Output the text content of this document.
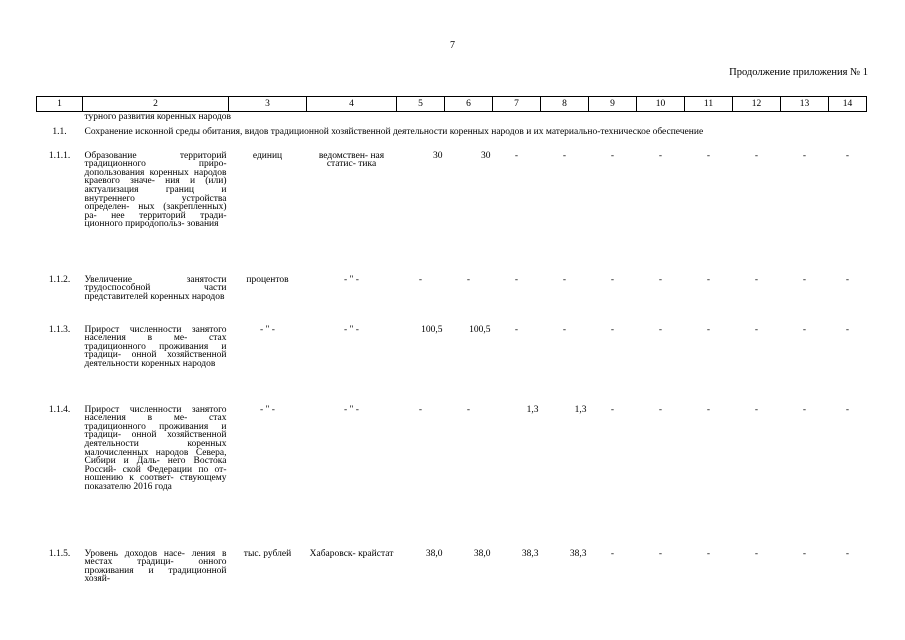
7
Продолжение приложения № 1
1	2	3	4	5	6	7	8	9	10	11	12	13	14
	турного развития коренных народов												
1.1.	Сохранение исконной среды обитания, видов традиционной хозяйственной деятельности коренных народов и их материально-техническое обеспечение												
1.1.1.	Образование территорий традиционного приро- допользования коренных народов краевого значе- ния и (или) актуализация границ и внутреннего устройства определен- ных (закрепленных) ра- нее территорий тради- ционного природопольз- зования	единиц	ведомствен- ная статис- тика	30	30	-	-	-	-	-	-	-	-
1.1.2.	Увеличение занятости трудоспособной части представителей коренных народов	процентов	- " -	-	-	-	-	-	-	-	-	-	-
1.1.3.	Прирост численности занятого населения в ме- стах традиционного проживания и традици- онной хозяйственной деятельности коренных народов	- " -	- " -	100,5	100,5	-	-	-	-	-	-	-	-
1.1.4.	Прирост численности занятого населения в ме- стах традиционного проживания и традици- онной хозяйственной деятельности коренных малочисленных народов Севера, Сибири и Даль- него Востока Россий- ской Федерации по от- ношению к соответ- ствующему показателю 2016 года	- " -	- " -	-	-	1,3	1,3	-	-	-	-	-	-
1.1.5.	Уровень доходов насе- ления в местах традици- онного проживания и традиционной хозяй-	тыс. рублей	Хабаровск- крайстат	38,0	38,0	38,3	38,3	-	-	-	-	-	-
